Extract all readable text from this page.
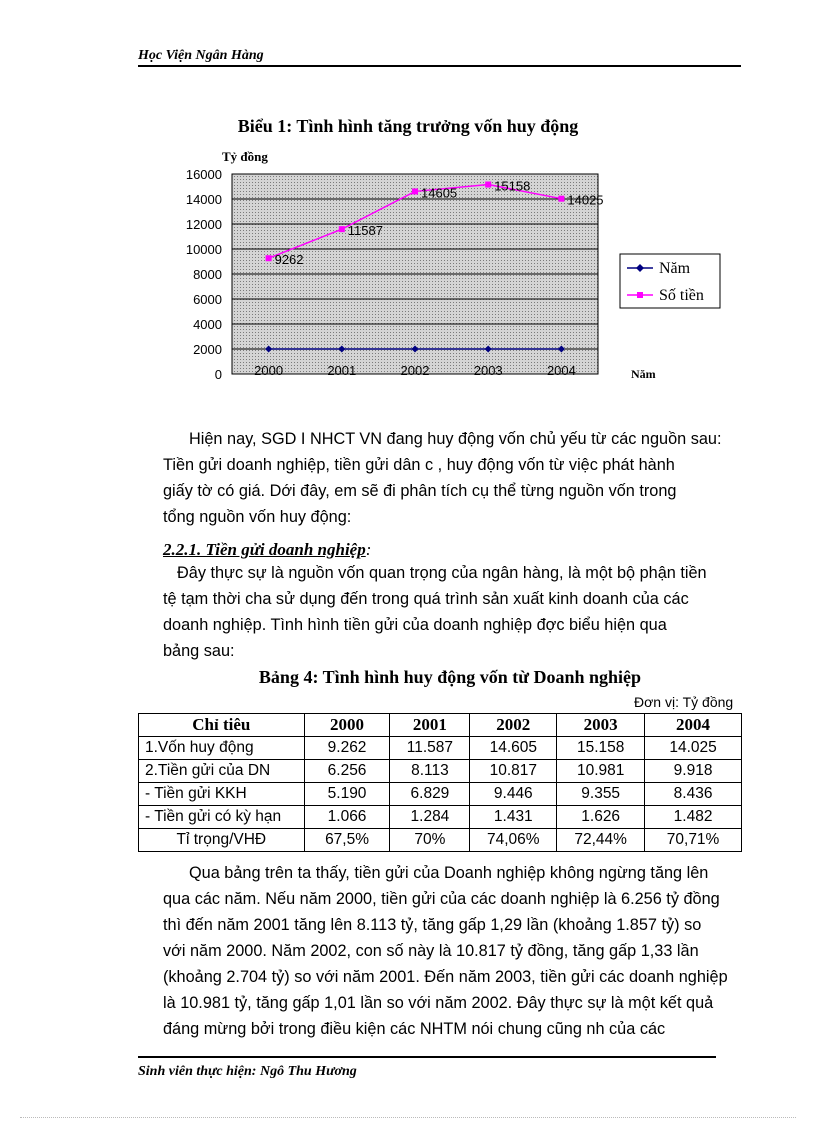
Học Viện Ngân Hàng
Biểu 1: Tình hình tăng trưởng vốn huy động
0
2000
4000
6000
8000
10000
12000
14000
16000
2000	2001	2002	2003	2004
9262
11587
14605	15158
14025
Tỷ đồng
Năm
Năm
Số tiền
Hiện nay, SGD I NHCT VN đang huy động vốn chủ yếu từ các nguồn sau:
Tiền gửi doanh nghiệp, tiền gửi dân c , huy động vốn từ việc phát hành
giấy tờ có giá. Dới đây, em sẽ đi phân tích cụ thể từng nguồn vốn trong
tổng nguồn vốn huy động:
2.2.1. Tiền gửi doanh nghiệp:
Đây thực sự là nguồn vốn quan trọng của ngân hàng, là một bộ phận tiền
tệ tạm thời cha sử dụng đến trong quá trình sản xuất kinh doanh của các
doanh nghiệp. Tình hình tiền gửi của doanh nghiệp đợc biểu hiện qua
bảng sau:
Bảng 4: Tình hình huy động vốn từ Doanh nghiệp
Đơn vị: Tỷ đồng
Chỉ tiêu	2000	2001	2002	2003	2004
1.Vốn huy động	9.262	11.587	14.605	15.158	14.025
2.Tiền gửi của DN	6.256	8.113	10.817	10.981	9.918
- Tiền gửi KKH	5.190	6.829	9.446	9.355	8.436
- Tiền gửi có kỳ hạn	1.066	1.284	1.431	1.626	1.482
Tỉ trọng/VHĐ	67,5%	70%	74,06%	72,44%	70,71%
Qua bảng trên ta thấy, tiền gửi của Doanh nghiệp không ngừng tăng lên
qua các năm. Nếu năm 2000, tiền gửi của các doanh nghiệp là 6.256 tỷ đồng
thì đến năm 2001 tăng lên 8.113 tỷ, tăng gấp 1,29 lần (khoảng 1.857 tỷ) so
với năm 2000. Năm 2002, con số này là 10.817 tỷ đồng, tăng gấp 1,33 lần
(khoảng 2.704 tỷ) so với năm 2001. Đến năm 2003, tiền gửi các doanh nghiệp
là 10.981 tỷ, tăng gấp 1,01 lần so với năm 2002. Đây thực sự là một kết quả
đáng mừng bởi trong điều kiện các NHTM nói chung cũng nh của các
Sinh viên thực hiện: Ngô Thu Hương
